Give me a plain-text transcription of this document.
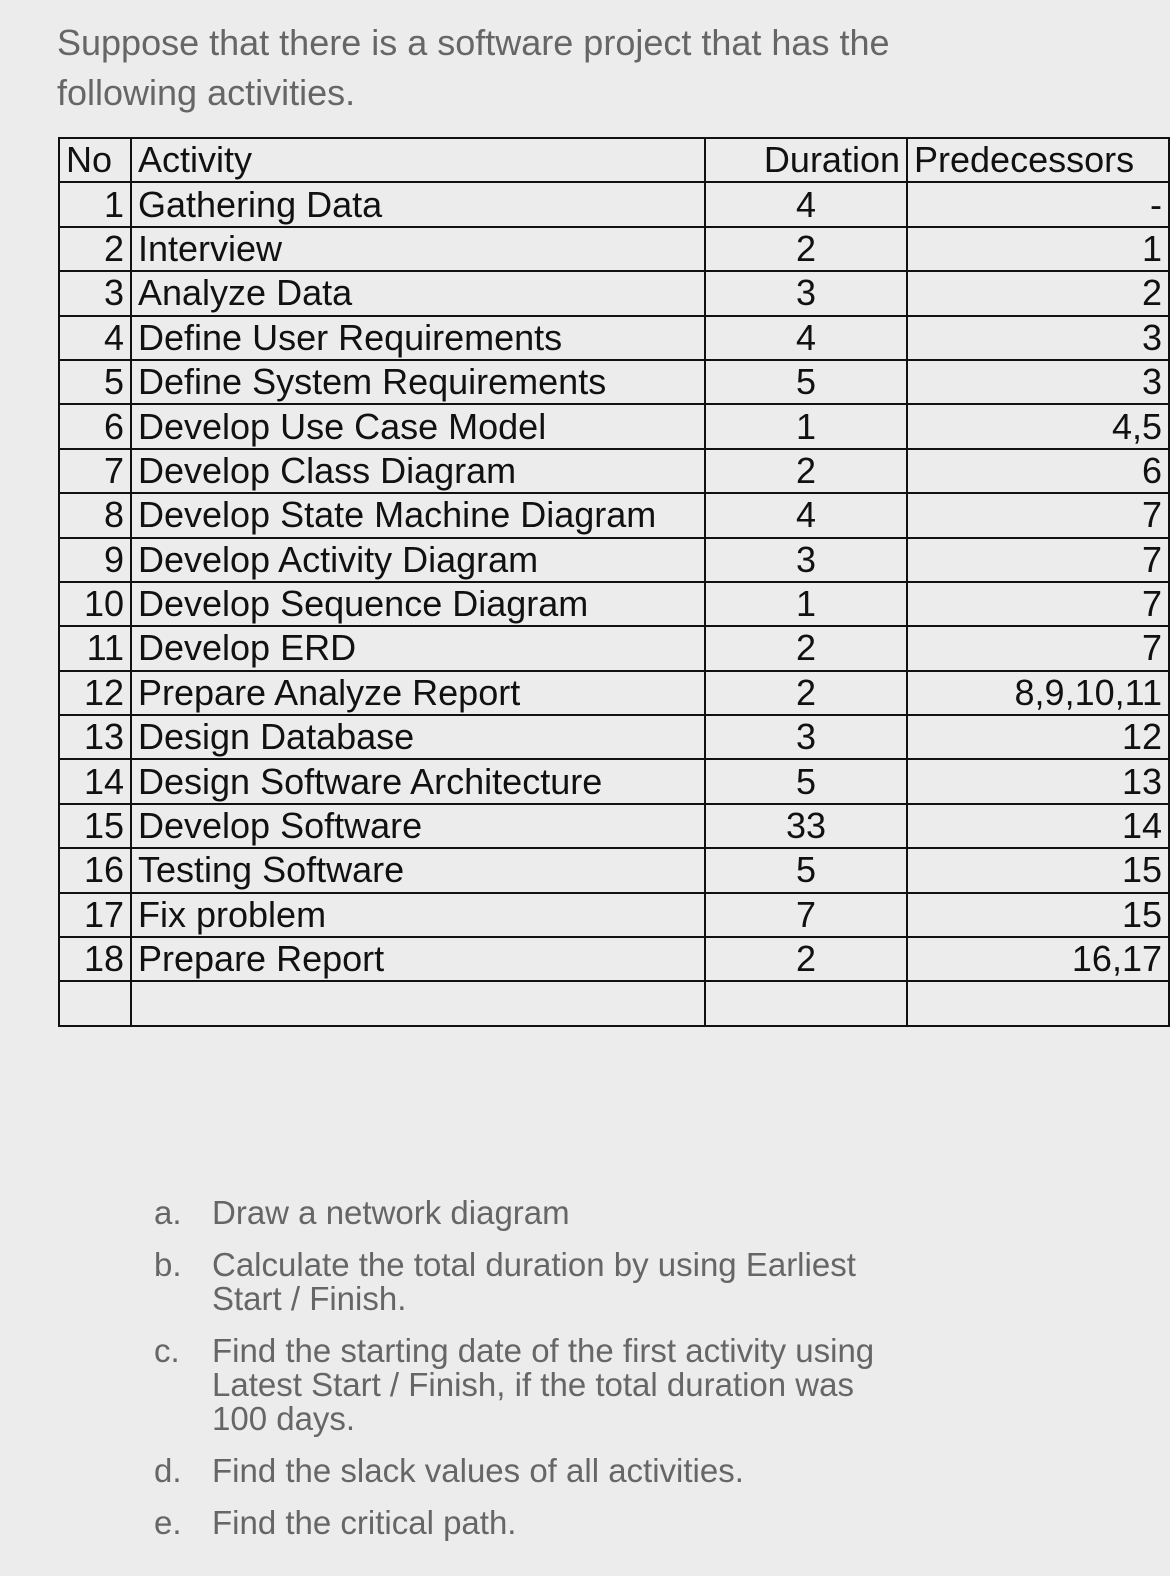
Suppose that there is a software project that has the following activities.

No	Activity	Duration	Predecessors
1	Gathering Data	4	-
2	Interview	2	1
3	Analyze Data	3	2
4	Define User Requirements	4	3
5	Define System Requirements	5	3
6	Develop Use Case Model	1	4,5
7	Develop Class Diagram	2	6
8	Develop State Machine Diagram	4	7
9	Develop Activity Diagram	3	7
10	Develop Sequence Diagram	1	7
11	Develop ERD	2	7
12	Prepare Analyze Report	2	8,9,10,11
13	Design Database	3	12
14	Design Software Architecture	5	13
15	Develop Software	33	14
16	Testing Software	5	15
17	Fix problem	7	15
18	Prepare Report	2	16,17

a. Draw a network diagram
b. Calculate the total duration by using Earliest Start / Finish.
c. Find the starting date of the first activity using Latest Start / Finish, if the total duration was 100 days.
d. Find the slack values of all activities.
e. Find the critical path.
